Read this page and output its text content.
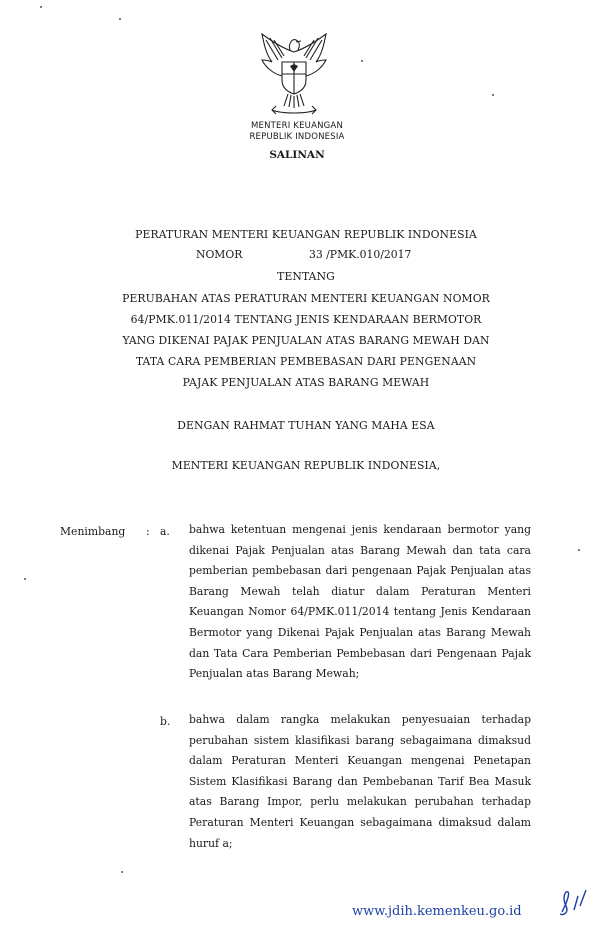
MENTERI KEUANGAN
REPUBLIK INDONESIA
SALINAN
PERATURAN MENTERI KEUANGAN REPUBLIK INDONESIA
NOMOR	33 /PMK.010/2017
TENTANG
PERUBAHAN ATAS PERATURAN MENTERI KEUANGAN NOMOR
64/PMK.011/2014 TENTANG JENIS KENDARAAN BERMOTOR
YANG DIKENAI PAJAK PENJUALAN ATAS BARANG MEWAH DAN
TATA CARA PEMBERIAN PEMBEBASAN DARI PENGENAAN
PAJAK PENJUALAN ATAS BARANG MEWAH
DENGAN RAHMAT TUHAN YANG MAHA ESA
MENTERI KEUANGAN REPUBLIK INDONESIA,
Menimbang : a. bahwa ketentuan mengenai jenis kendaraan bermotor yang dikenai Pajak Penjualan atas Barang Mewah dan tata cara pemberian pembebasan dari pengenaan Pajak Penjualan atas Barang Mewah telah diatur dalam Peraturan Menteri Keuangan Nomor 64/PMK.011/2014 tentang Jenis Kendaraan Bermotor yang Dikenai Pajak Penjualan atas Barang Mewah dan Tata Cara Pemberian Pembebasan dari Pengenaan Pajak Penjualan atas Barang Mewah;
b. bahwa dalam rangka melakukan penyesuaian terhadap perubahan sistem klasifikasi barang sebagaimana dimaksud dalam Peraturan Menteri Keuangan mengenai Penetapan Sistem Klasifikasi Barang dan Pembebanan Tarif Bea Masuk atas Barang Impor, perlu melakukan perubahan terhadap Peraturan Menteri Keuangan sebagaimana dimaksud dalam huruf a;
www.jdih.kemenkeu.go.id
